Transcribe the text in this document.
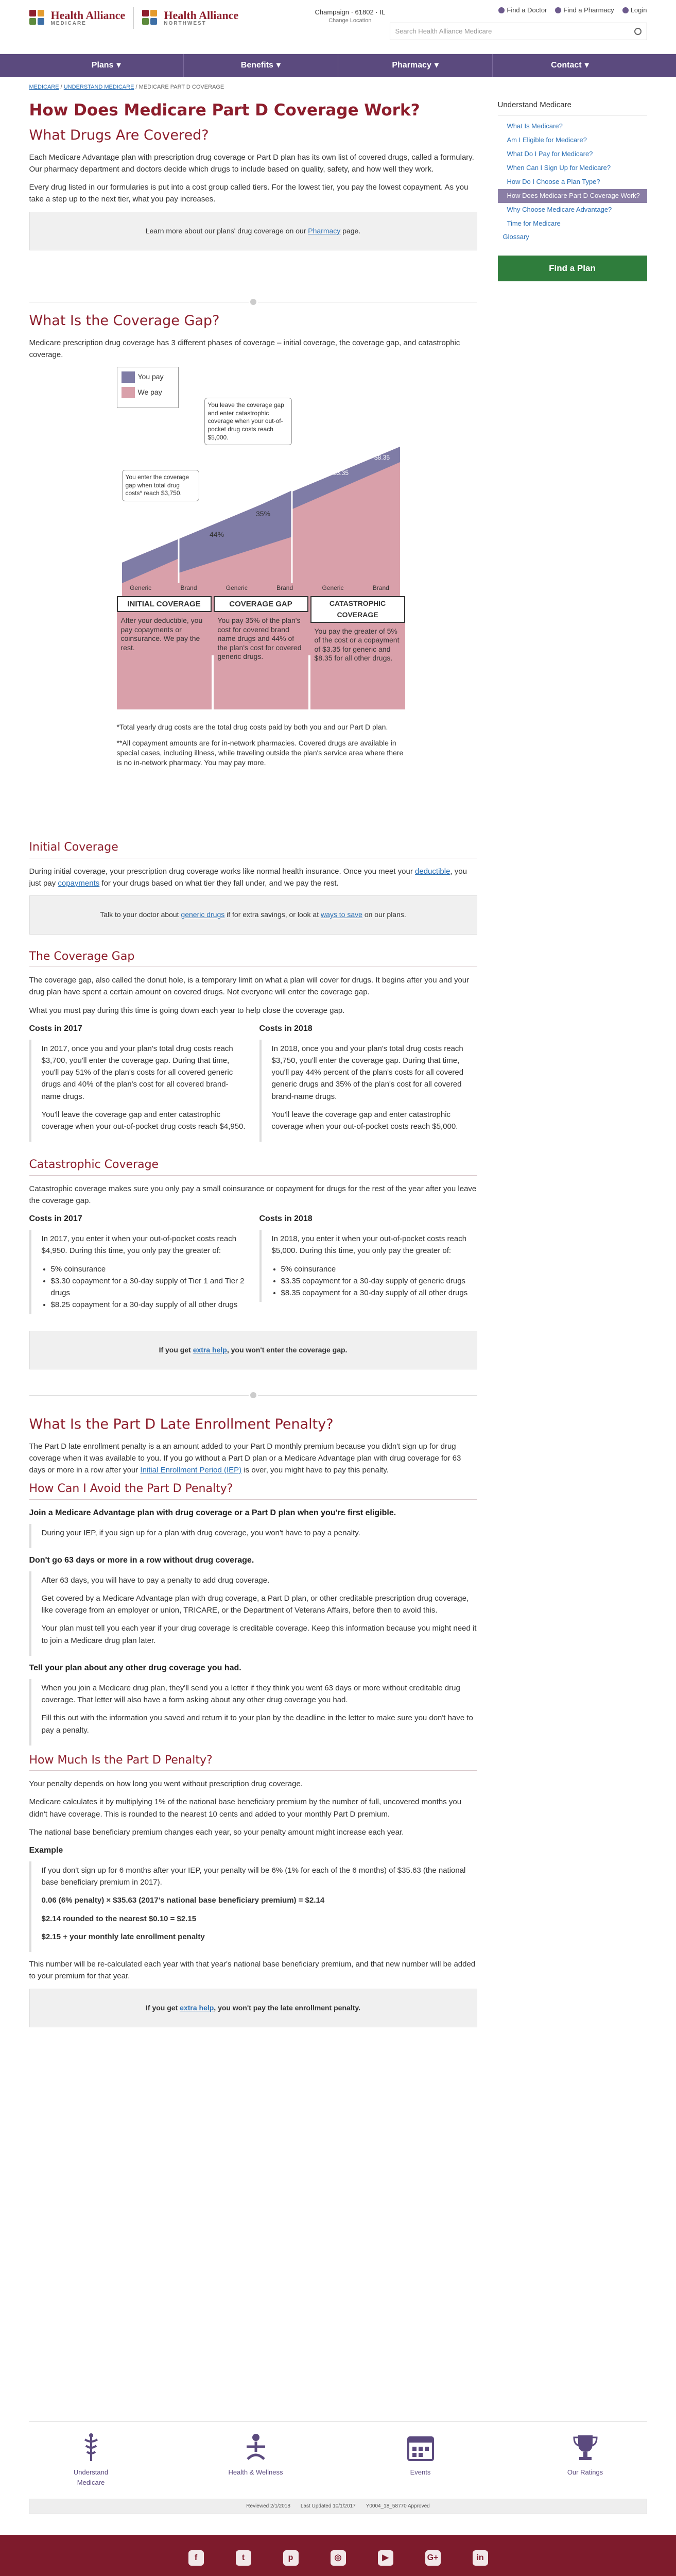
Health Alliance
MEDICARE
Health Alliance
NORTHWEST
Champaign · 61802 · IL
Change Location
Find a Doctor Find a Pharmacy Login
Search Health Alliance Medicare
Plans ▾	Benefits ▾	Pharmacy ▾	Contact ▾
MEDICARE / UNDERSTAND MEDICARE / MEDICARE PART D COVERAGE
How Does Medicare Part D Coverage Work?
What Drugs Are Covered?

Each Medicare Advantage plan with prescription drug coverage or Part D plan has its own list of covered drugs, called a formulary. Our pharmacy department and doctors decide which drugs to include based on quality, safety, and how well they work.

Every drug listed in our formularies is put into a cost group called tiers. For the lowest tier, you pay the lowest copayment. As you take a step up to the next tier, what you pay increases.

Learn more about our plans' drug coverage on our Pharmacy page.
What Is the Coverage Gap?

Medicare prescription drug coverage has 3 different phases of coverage – initial coverage, the coverage gap, and catastrophic coverage.

You pay
We pay
You leave the coverage gap and enter catastrophic coverage when your out-of-pocket drug costs reach $5,000.
You enter the coverage gap when total drug costs* reach $3,750.
44%
35%
$3.35
$8.35
Generic	Brand	Generic	Brand	Generic	Brand
INITIAL COVERAGE
After your deductible, you pay copayments or coinsurance. We pay the rest.
COVERAGE GAP
You pay 35% of the plan's cost for covered brand name drugs and 44% of the plan's cost for covered generic drugs.
CATASTROPHIC COVERAGE
You pay the greater of 5% of the cost or a copayment of $3.35 for generic and $8.35 for all other drugs.

*Total yearly drug costs are the total drug costs paid by both you and our Part D plan.

**All copayment amounts are for in-network pharmacies. Covered drugs are available in special cases, including illness, while traveling outside the plan's service area where there is no in-network pharmacy. You may pay more.

Initial Coverage

During initial coverage, your prescription drug coverage works like normal health insurance. Once you meet your deductible, you just pay copayments for your drugs based on what tier they fall under, and we pay the rest.

Talk to your doctor about generic drugs if for extra savings, or look at ways to save on our plans.
The Coverage Gap

The coverage gap, also called the donut hole, is a temporary limit on what a plan will cover for drugs. It begins after you and your drug plan have spent a certain amount on covered drugs. Not everyone will enter the coverage gap.

What you must pay during this time is going down each year to help close the coverage gap.

Costs in 2017

In 2017, once you and your plan's total drug costs reach $3,700, you'll enter the coverage gap. During that time, you'll pay 51% of the plan's costs for all covered generic drugs and 40% of the plan's cost for all covered brand-name drugs.

You'll leave the coverage gap and enter catastrophic coverage when your out-of-pocket drug costs reach $4,950.

Costs in 2018

In 2018, once you and your plan's total drug costs reach $3,750, you'll enter the coverage gap. During that time, you'll pay 44% percent of the plan's costs for all covered generic drugs and 35% of the plan's cost for all covered brand-name drugs.

You'll leave the coverage gap and enter catastrophic coverage when your out-of-pocket costs reach $5,000.

Catastrophic Coverage

Catastrophic coverage makes sure you only pay a small coinsurance or copayment for drugs for the rest of the year after you leave the coverage gap.

Costs in 2017

In 2017, you enter it when your out-of-pocket costs reach $4,950. During this time, you only pay the greater of:

• 5% coinsurance
• $3.30 copayment for a 30-day supply of Tier 1 and Tier 2 drugs
• $8.25 copayment for a 30-day supply of all other drugs
Costs in 2018

In 2018, you enter it when your out-of-pocket costs reach $5,000. During this time, you only pay the greater of:

• 5% coinsurance
• $3.35 copayment for a 30-day supply of generic drugs
• $8.35 copayment for a 30-day supply of all other drugs
If you get extra help, you won't enter the coverage gap.
What Is the Part D Late Enrollment Penalty?

The Part D late enrollment penalty is a an amount added to your Part D monthly premium because you didn't sign up for drug coverage when it was available to you. If you go without a Part D plan or a Medicare Advantage plan with drug coverage for 63 days or more in a row after your Initial Enrollment Period (IEP) is over, you might have to pay this penalty.

How Can I Avoid the Part D Penalty?
Join a Medicare Advantage plan with drug coverage or a Part D plan when you're first eligible.

During your IEP, if you sign up for a plan with drug coverage, you won't have to pay a penalty.

Don't go 63 days or more in a row without drug coverage.

After 63 days, you will have to pay a penalty to add drug coverage.

Get covered by a Medicare Advantage plan with drug coverage, a Part D plan, or other creditable prescription drug coverage, like coverage from an employer or union, TRICARE, or the Department of Veterans Affairs, before then to avoid this.

Your plan must tell you each year if your drug coverage is creditable coverage. Keep this information because you might need it to join a Medicare drug plan later.

Tell your plan about any other drug coverage you had.

When you join a Medicare drug plan, they'll send you a letter if they think you went 63 days or more without creditable drug coverage. That letter will also have a form asking about any other drug coverage you had.

Fill this out with the information you saved and return it to your plan by the deadline in the letter to make sure you don't have to pay a penalty.

How Much Is the Part D Penalty?

Your penalty depends on how long you went without prescription drug coverage.

Medicare calculates it by multiplying 1% of the national base beneficiary premium by the number of full, uncovered months you didn't have coverage. This is rounded to the nearest 10 cents and added to your monthly Part D premium.

The national base beneficiary premium changes each year, so your penalty amount might increase each year.

Example

If you don't sign up for 6 months after your IEP, your penalty will be 6% (1% for each of the 6 months) of $35.63 (the national base beneficiary premium in 2017).

0.06 (6% penalty) × $35.63 (2017's national base beneficiary premium) = $2.14

$2.14 rounded to the nearest $0.10 = $2.15

$2.15 + your monthly late enrollment penalty

This number will be re-calculated each year with that year's national base beneficiary premium, and that new number will be added to your premium for that year.

If you get extra help, you won't pay the late enrollment penalty.
Understand Medicare
What Is Medicare?
Am I Eligible for Medicare?
What Do I Pay for Medicare?
When Can I Sign Up for Medicare?
How Do I Choose a Plan Type?
How Does Medicare Part D Coverage Work?
Why Choose Medicare Advantage?
Time for Medicare
Glossary
Find a Plan
Understand Medicare
Health & Wellness	Events	Our Ratings
Reviewed 2/1/2018 Last Updated 10/1/2017 Y0004_18_58770 Approved
f	t	p	◎	▶	G+	in
